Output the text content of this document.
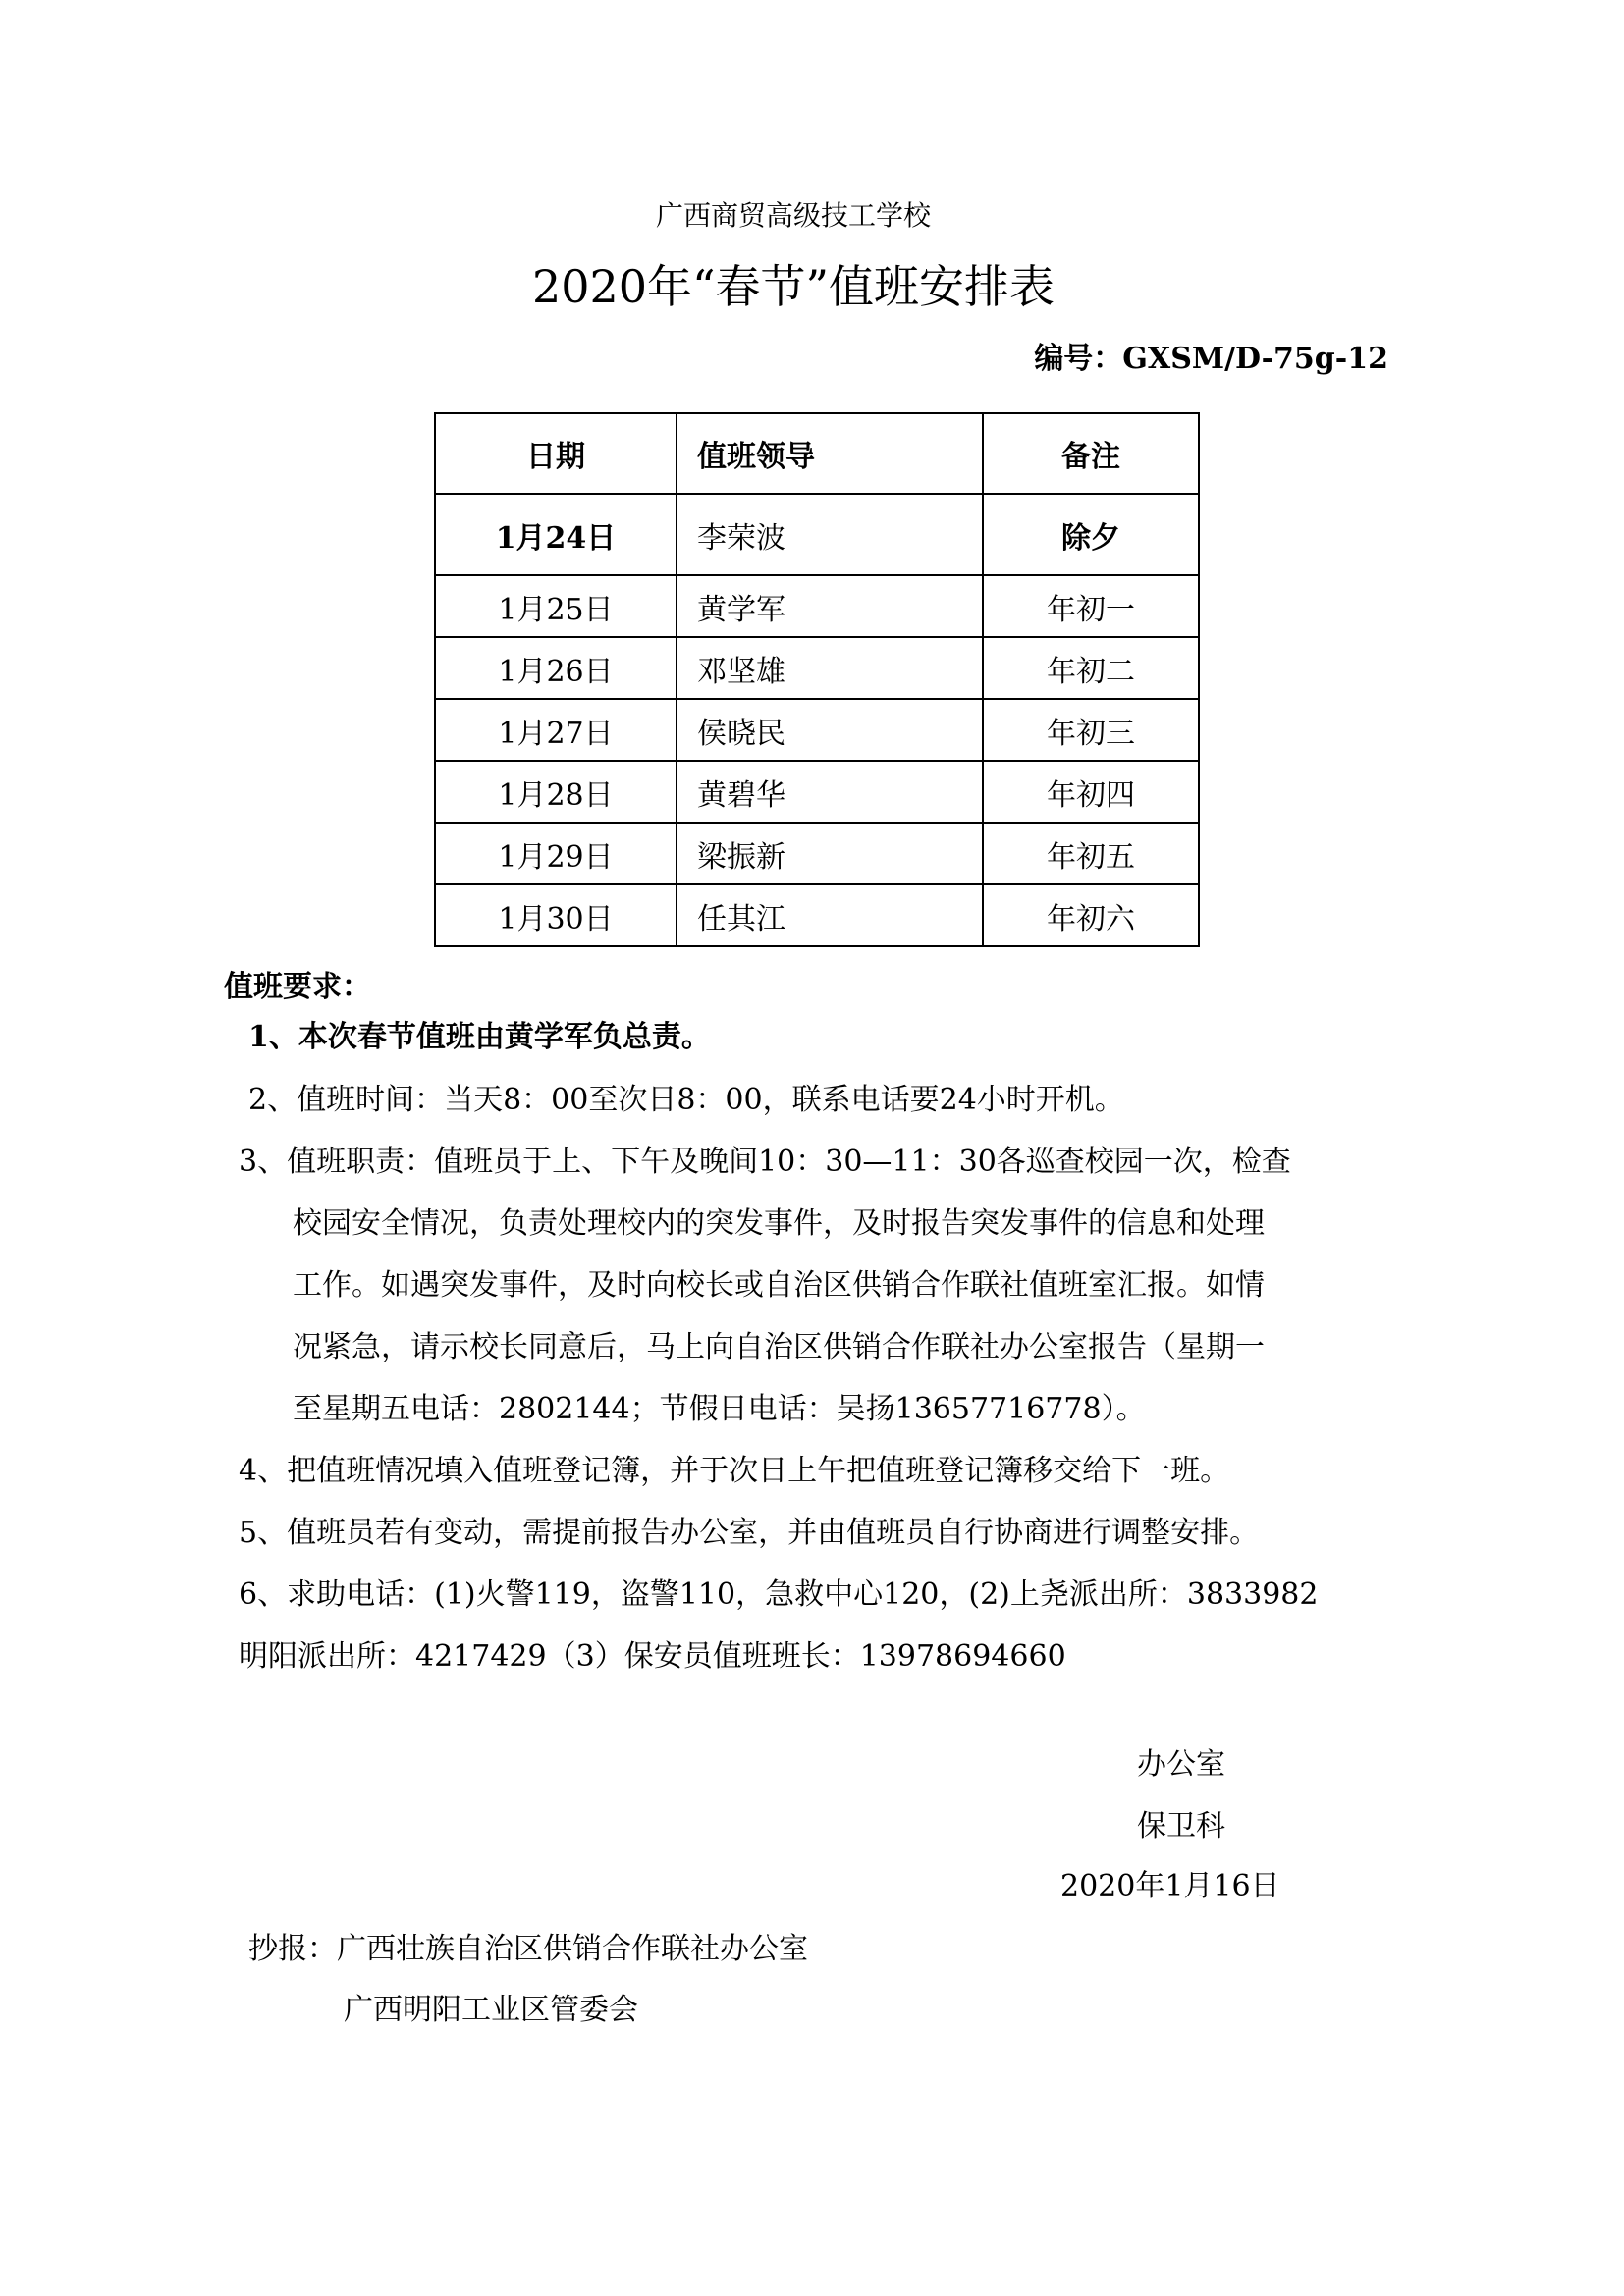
广西商贸高级技工学校
2020年“春节”值班安排表
编号：GXSM/D-75g-12
日期	值班领导	备注
1月24日	李荣波	除夕
1月25日	黄学军	年初一
1月26日	邓坚雄	年初二
1月27日	侯晓民	年初三
1月28日	黄碧华	年初四
1月29日	梁振新	年初五
1月30日	任其江	年初六
值班要求：
1、本次春节值班由黄学军负总责。
2、值班时间：当天8：00至次日8：00，联系电话要24小时开机。
3、值班职责：值班员于上、下午及晚间10：30—11：30各巡查校园一次，检查
校园安全情况，负责处理校内的突发事件，及时报告突发事件的信息和处理
工作。如遇突发事件，及时向校长或自治区供销合作联社值班室汇报。如情
况紧急，请示校长同意后，马上向自治区供销合作联社办公室报告（星期一
至星期五电话：2802144；节假日电话：吴扬13657716778）。
4、把值班情况填入值班登记簿，并于次日上午把值班登记簿移交给下一班。
5、值班员若有变动，需提前报告办公室，并由值班员自行协商进行调整安排。
6、求助电话：(1)火警119，盗警110，急救中心120，(2)上尧派出所：3833982
明阳派出所：4217429（3）保安员值班班长：13978694660
办公室
保卫科
2020年1月16日
抄报：广西壮族自治区供销合作联社办公室
广西明阳工业区管委会
